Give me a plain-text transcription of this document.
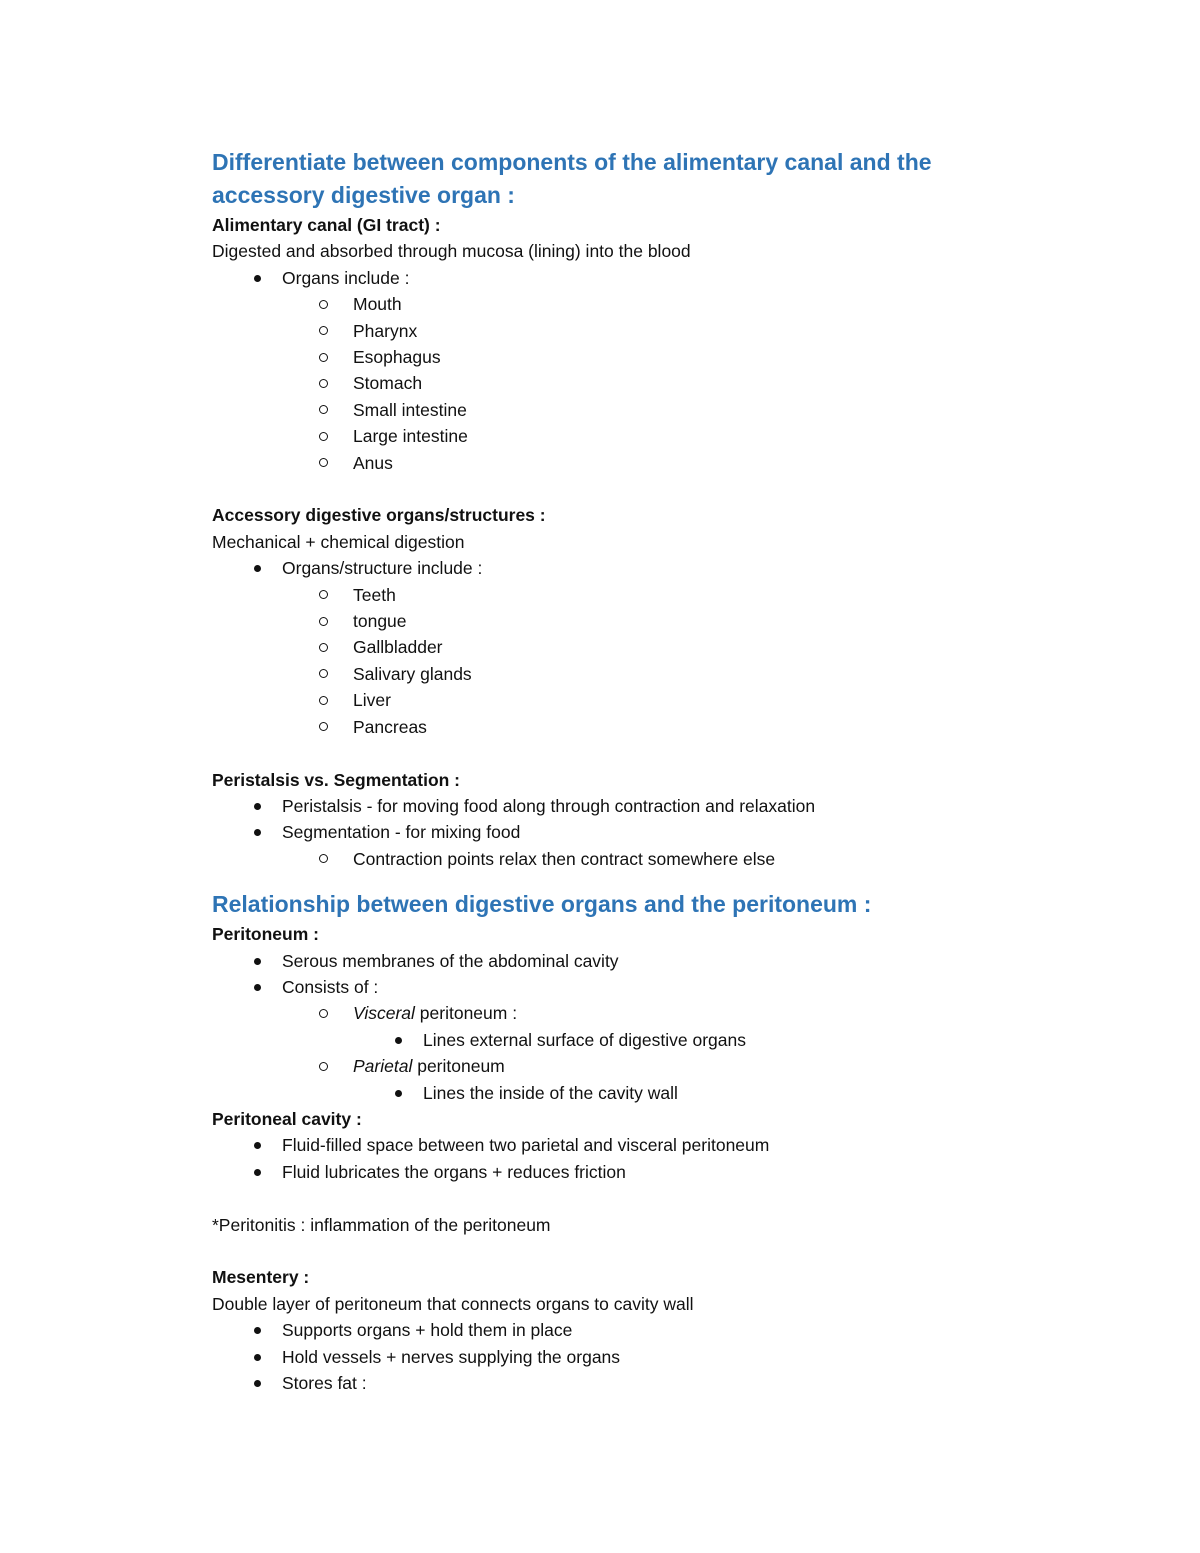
Differentiate between components of the alimentary canal and the
accessory digestive organ :
Alimentary canal (GI tract) :
Digested and absorbed through mucosa (lining) into the blood
Organs include :
Mouth
Pharynx
Esophagus
Stomach
Small intestine
Large intestine
Anus
Accessory digestive organs/structures :
Mechanical + chemical digestion
Organs/structure include :
Teeth
tongue
Gallbladder
Salivary glands
Liver
Pancreas
Peristalsis vs. Segmentation :
Peristalsis - for moving food along through contraction and relaxation
Segmentation - for mixing food
Contraction points relax then contract somewhere else
Relationship between digestive organs and the peritoneum :
Peritoneum :
Serous membranes of the abdominal cavity
Consists of :
Visceral peritoneum :
Lines external surface of digestive organs
Parietal peritoneum
Lines the inside of the cavity wall
Peritoneal cavity :
Fluid-filled space between two parietal and visceral peritoneum
Fluid lubricates the organs + reduces friction
*Peritonitis : inflammation of the peritoneum
Mesentery :
Double layer of peritoneum that connects organs to cavity wall
Supports organs + hold them in place
Hold vessels + nerves supplying the organs
Stores fat :
